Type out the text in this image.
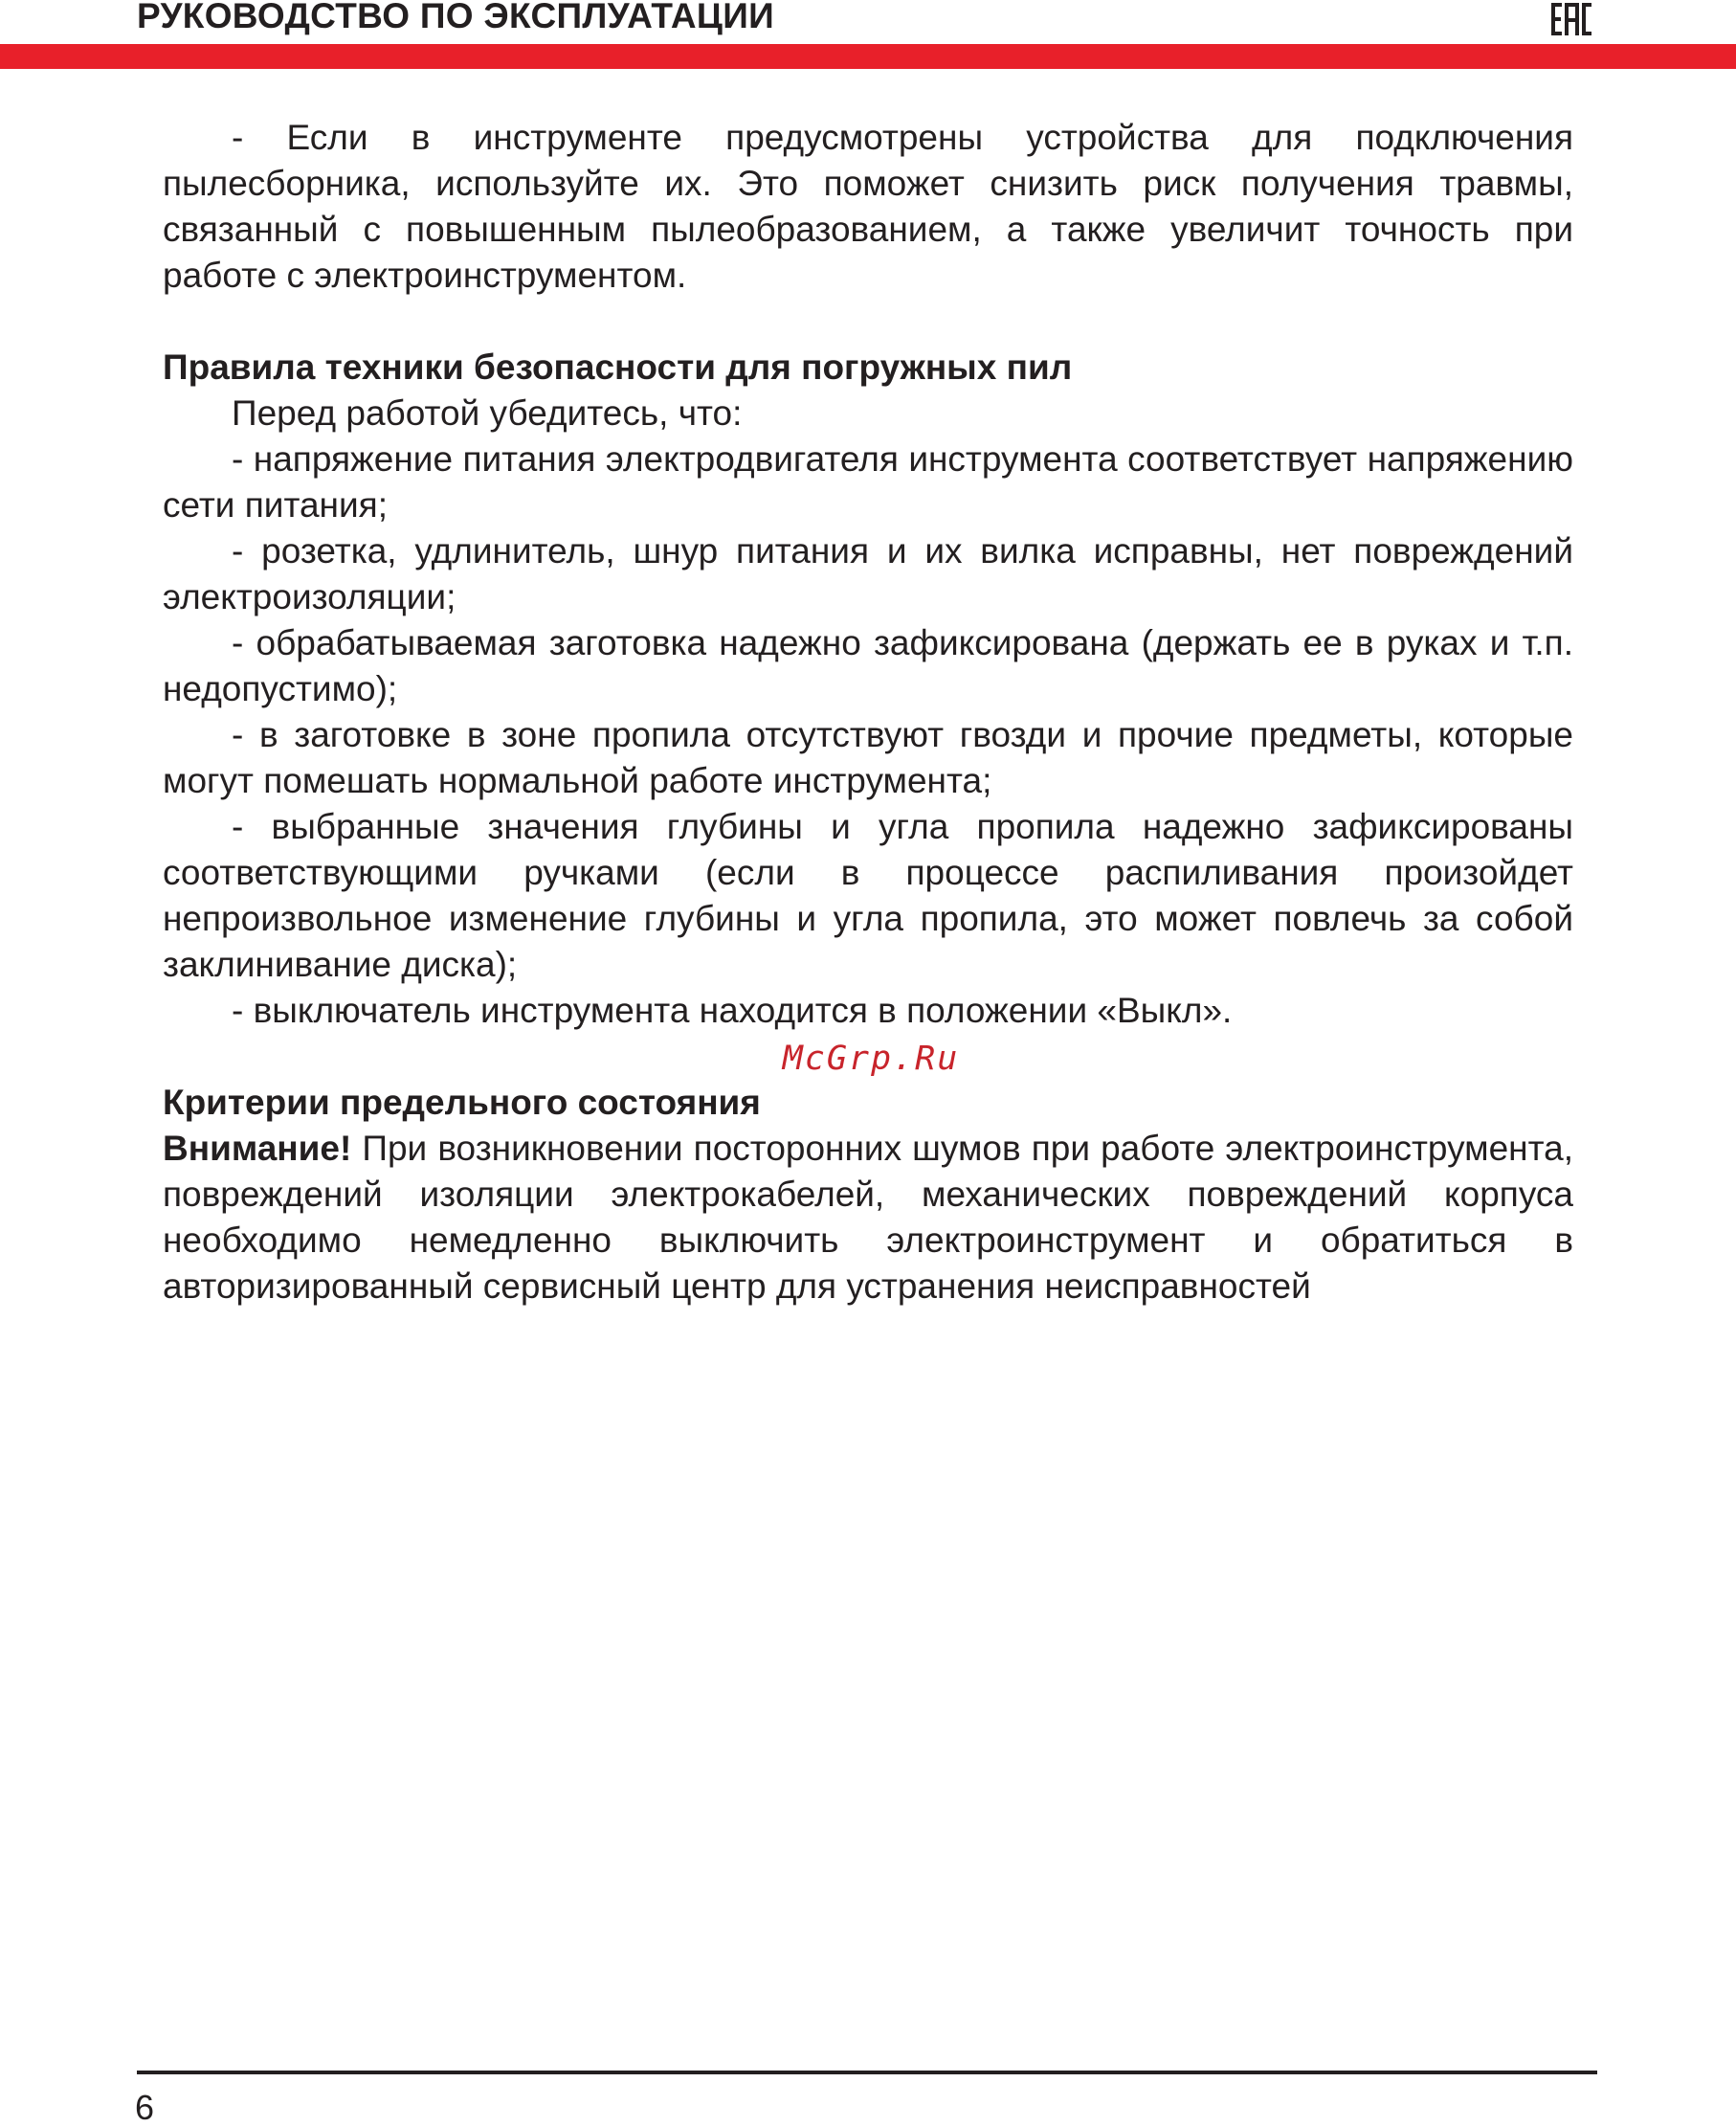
РУКОВОДСТВО ПО ЭКСПЛУАТАЦИИ

- Если в инструменте предусмотрены устройства для подключения пылесборника, используйте их. Это поможет снизить риск получения травмы, связанный с повышенным пылеобразованием, а также увеличит точность при работе с электроинструментом.

Правила техники безопасности для погружных пил

Перед работой убедитесь, что:

- напряжение питания электродвигателя инструмента соответствует напряжению сети питания;

- розетка, удлинитель, шнур питания и их вилка исправны, нет повреждений электроизоляции;

- обрабатываемая заготовка надежно зафиксирована (держать ее в руках и т.п. недопустимо);

- в заготовке в зоне пропила отсутствуют гвозди и прочие предметы, которые могут помешать нормальной работе инструмента;

- выбранные значения глубины и угла пропила надежно зафиксированы соответствующими ручками (если в процессе распиливания произойдет непроизвольное изменение глубины и угла пропила, это может повлечь за собой заклинивание диска);

- выключатель инструмента находится в положении «Выкл».

McGrp.Ru

Критерии предельного состояния

Внимание! При возникновении посторонних шумов при работе электроинструмента, повреждений изоляции электрокабелей, механических повреждений корпуса необходимо немедленно выключить электроинструмент и обратиться в авторизированный сервисный центр для устранения неисправностей

6
